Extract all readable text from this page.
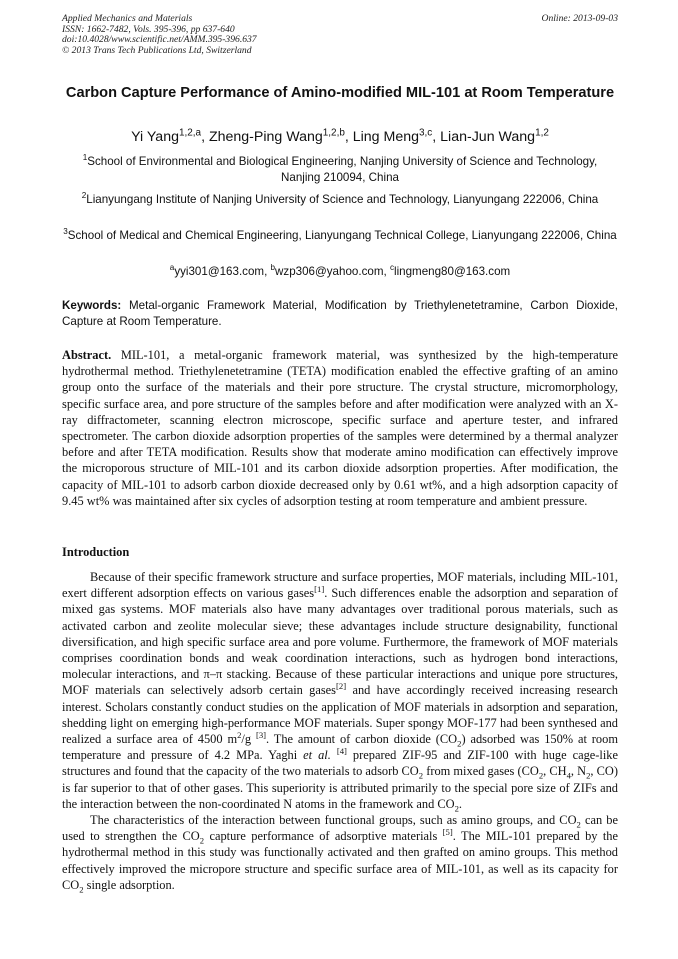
Applied Mechanics and Materials
ISSN: 1662-7482, Vols. 395-396, pp 637-640
doi:10.4028/www.scientific.net/AMM.395-396.637
© 2013 Trans Tech Publications Ltd, Switzerland
Online: 2013-09-03
Carbon Capture Performance of Amino-modified MIL-101 at Room Temperature
Yi Yang$^{1,2,a}$, Zheng-Ping Wang$^{1,2,b}$, Ling Meng$^{3,c}$, Lian-Jun Wang$^{1,2}$
$^1$School of Environmental and Biological Engineering, Nanjing University of Science and Technology, Nanjing 210094, China
$^2$Lianyungang Institute of Nanjing University of Science and Technology, Lianyungang 222006, China
$^3$School of Medical and Chemical Engineering, Lianyungang Technical College, Lianyungang 222006, China
$^a$yyi301@163.com, $^b$wzp306@yahoo.com, $^c$lingmeng80@163.com
Keywords: Metal-organic Framework Material, Modification by Triethylenetetramine, Carbon Dioxide, Capture at Room Temperature.
Abstract. MIL-101, a metal-organic framework material, was synthesized by the high-temperature hydrothermal method. Triethylenetetramine (TETA) modification enabled the effective grafting of an amino group onto the surface of the materials and their pore structure. The crystal structure, micromorphology, specific surface area, and pore structure of the samples before and after modification were analyzed with an X-ray diffractometer, scanning electron microscope, specific surface and aperture tester, and infrared spectrometer. The carbon dioxide adsorption properties of the samples were determined by a thermal analyzer before and after TETA modification. Results show that moderate amino modification can effectively improve the microporous structure of MIL-101 and its carbon dioxide adsorption properties. After modification, the capacity of MIL-101 to adsorb carbon dioxide decreased only by 0.61 wt%, and a high adsorption capacity of 9.45 wt% was maintained after six cycles of adsorption testing at room temperature and ambient pressure.
Introduction

Because of their specific framework structure and surface properties, MOF materials, including MIL-101, exert different adsorption effects on various gases[1]. Such differences enable the adsorption and separation of mixed gas systems. MOF materials also have many advantages over traditional porous materials, such as activated carbon and zeolite molecular sieve; these advantages include structure designability, functional diversification, and high specific surface area and pore volume. Furthermore, the framework of MOF materials comprises coordination bonds and weak coordination interactions, such as hydrogen bond interactions, molecular interactions, and π–π stacking. Because of these particular interactions and unique pore structures, MOF materials can selectively adsorb certain gases[2] and have accordingly received increasing research interest. Scholars constantly conduct studies on the application of MOF materials in adsorption and separation, shedding light on emerging high-performance MOF materials. Super spongy MOF-177 had been synthesed and realized a surface area of 4500 $m^2/g$ [3]. The amount of carbon dioxide $(CO_2)$ adsorbed was 150% at room temperature and pressure of 4.2 MPa. Yaghi et al. [4] prepared ZIF-95 and ZIF-100 with huge cage-like structures and found that the capacity of the two materials to adsorb $CO_2$ from mixed gases ($CO_2$, $CH_4$, $N_2$, CO) is far superior to that of other gases. This superiority is attributed primarily to the special pore size of ZIFs and the interaction between the non-coordinated N atoms in the framework and $CO_2$.

The characteristics of the interaction between functional groups, such as amino groups, and $CO_2$ can be used to strengthen the $CO_2$ capture performance of adsorptive materials [5]. The MIL-101 prepared by the hydrothermal method in this study was functionally activated and then grafted on amino groups. This method effectively improved the micropore structure and specific surface area of MIL-101, as well as its capacity for $CO_2$ single adsorption.
